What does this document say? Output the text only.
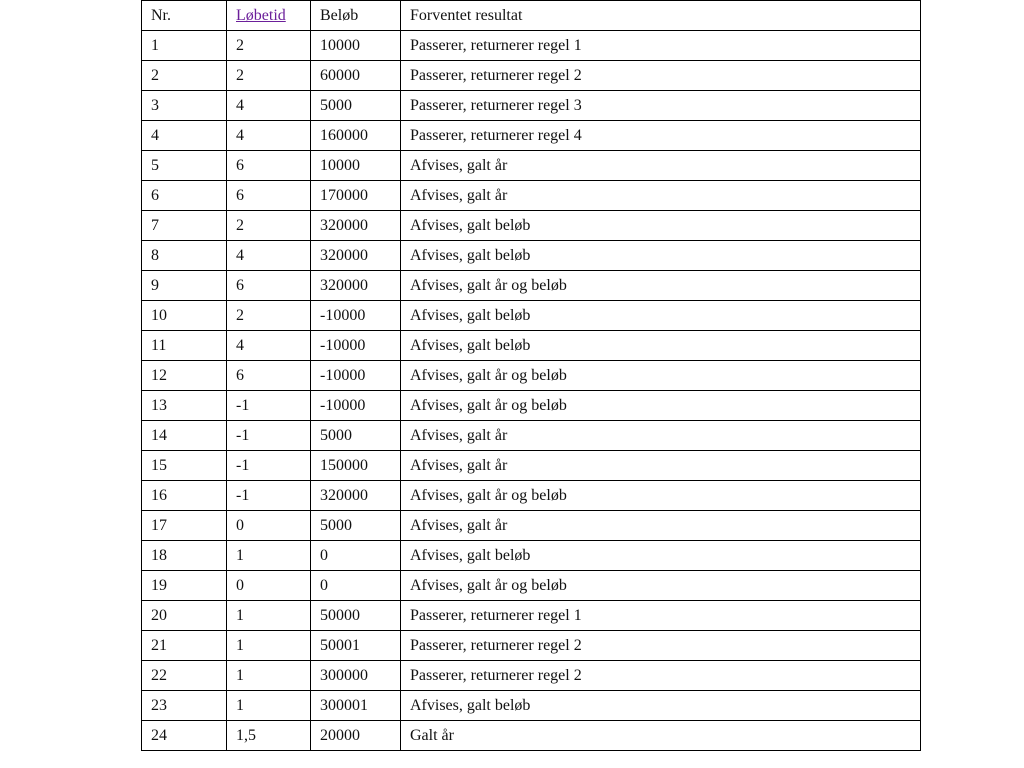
Nr.	Løbetid	Beløb	Forventet resultat
1	2	10000	Passerer, returnerer regel 1
2	2	60000	Passerer, returnerer regel 2
3	4	5000	Passerer, returnerer regel 3
4	4	160000	Passerer, returnerer regel 4
5	6	10000	Afvises, galt år
6	6	170000	Afvises, galt år
7	2	320000	Afvises, galt beløb
8	4	320000	Afvises, galt beløb
9	6	320000	Afvises, galt år og beløb
10	2	-10000	Afvises, galt beløb
11	4	-10000	Afvises, galt beløb
12	6	-10000	Afvises, galt år og beløb
13	-1	-10000	Afvises, galt år og beløb
14	-1	5000	Afvises, galt år
15	-1	150000	Afvises, galt år
16	-1	320000	Afvises, galt år og beløb
17	0	5000	Afvises, galt år
18	1	0	Afvises, galt beløb
19	0	0	Afvises, galt år og beløb
20	1	50000	Passerer, returnerer regel 1
21	1	50001	Passerer, returnerer regel 2
22	1	300000	Passerer, returnerer regel 2
23	1	300001	Afvises, galt beløb
24	1,5	20000	Galt år
